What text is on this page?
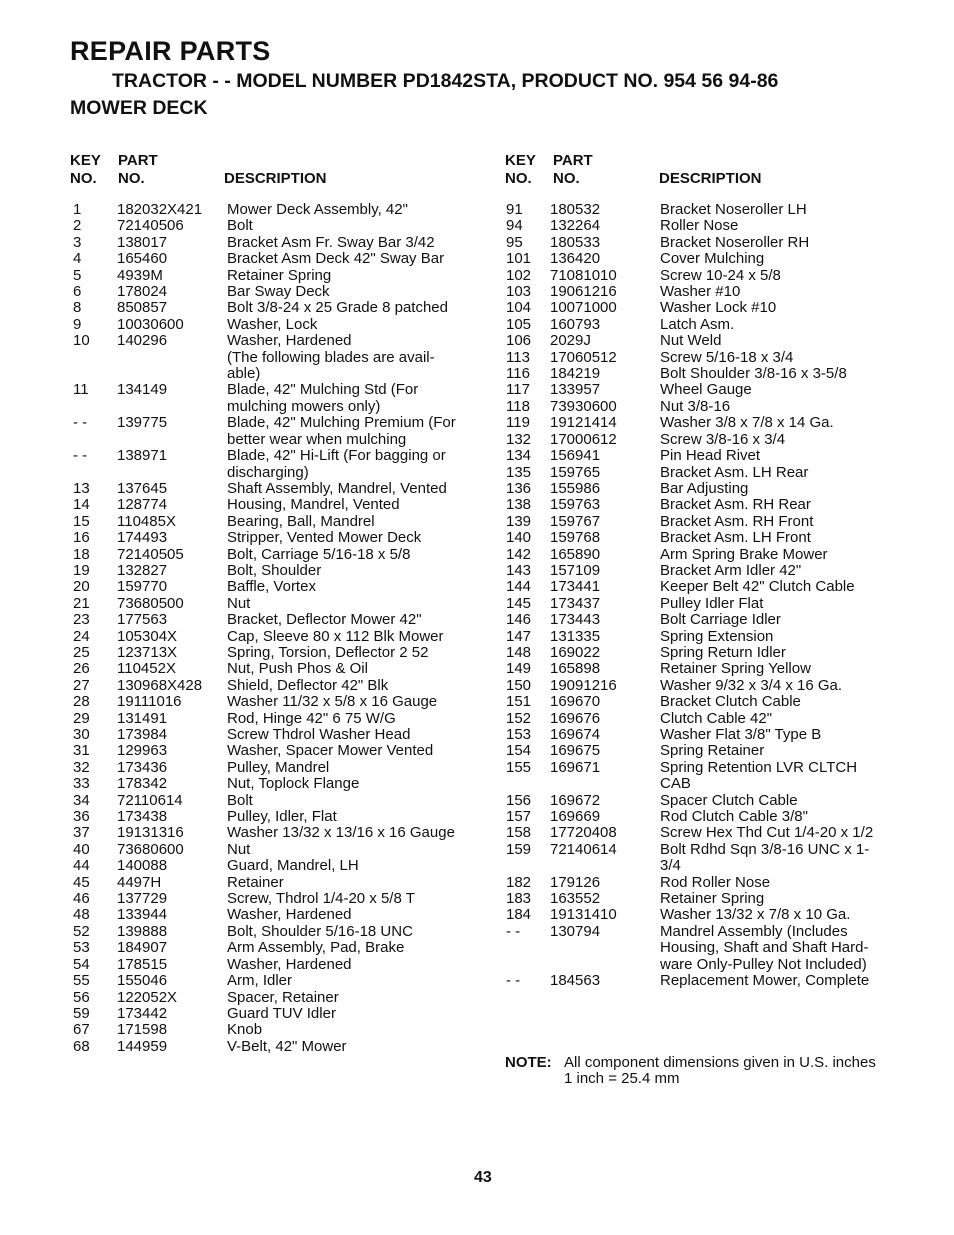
REPAIR PARTS
TRACTOR - - MODEL NUMBER PD1842STA, PRODUCT NO. 954 56 94-86
MOWER DECK
KEY
NO.
PART
NO.	DESCRIPTION
1	182032X421 Mower Deck Assembly, 42"
2	72140506	Bolt
3	138017	Bracket Asm Fr. Sway Bar 3/42
4	165460	Bracket Asm Deck 42" Sway Bar
5	4939M	Retainer Spring
6	178024	Bar Sway Deck
8	850857	Bolt 3/8-24 x 25 Grade 8 patched
9	10030600	Washer, Lock
10	140296	Washer, Hardened
(The following blades are avail-able)
11	134149	Blade, 42" Mulching Std (For mulching mowers only)
- -	139775	Blade, 42" Mulching Premium (For better wear when mulching
- -	138971	Blade, 42" Hi-Lift (For bagging or discharging)
13	137645	Shaft Assembly, Mandrel, Vented
14	128774	Housing, Mandrel, Vented
15	110485X	Bearing, Ball, Mandrel
16	174493	Stripper, Vented Mower Deck
18	72140505	Bolt, Carriage 5/16-18 x 5/8
19	132827	Bolt, Shoulder
20	159770	Baffle, Vortex
21	73680500	Nut
23	177563	Bracket, Deflector Mower 42"
24	105304X	Cap, Sleeve 80 x 112 Blk Mower
25	123713X	Spring, Torsion, Deflector 2 52
26	110452X	Nut, Push Phos & Oil
27	130968X428 Shield, Deflector 42" Blk
28	19111016	Washer 11/32 x 5/8 x 16 Gauge
29	131491	Rod, Hinge 42" 6 75 W/G
30	173984	Screw Thdrol Washer Head
31	129963	Washer, Spacer Mower Vented
32	173436	Pulley, Mandrel
33	178342	Nut, Toplock Flange
34	72110614	Bolt
36	173438	Pulley, Idler, Flat
37	19131316	Washer 13/32 x 13/16 x 16 Gauge
40	73680600	Nut
44	140088	Guard, Mandrel, LH
45	4497H	Retainer
46	137729	Screw, Thdrol 1/4-20 x 5/8 T
48	133944	Washer, Hardened
52	139888	Bolt, Shoulder 5/16-18 UNC
53	184907	Arm Assembly, Pad, Brake
54	178515	Washer, Hardened
55	155046	Arm, Idler
56	122052X	Spacer, Retainer
59	173442	Guard TUV Idler
67	171598	Knob
68	144959	V-Belt, 42" Mower
KEY
NO.
PART
NO.	DESCRIPTION
91	180532	Bracket Noseroller LH
94	132264	Roller Nose
95	180533	Bracket Noseroller RH
101	136420	Cover Mulching
102	71081010	Screw 10-24 x 5/8
103	19061216	Washer #10
104	10071000	Washer Lock #10
105	160793	Latch Asm.
106	2029J	Nut Weld
113	17060512	Screw 5/16-18 x 3/4
116	184219	Bolt Shoulder 3/8-16 x 3-5/8
117	133957	Wheel Gauge
118	73930600	Nut 3/8-16
119	19121414	Washer 3/8 x 7/8 x 14 Ga.
132	17000612	Screw 3/8-16 x 3/4
134	156941	Pin Head Rivet
135	159765	Bracket Asm. LH Rear
136	155986	Bar Adjusting
138	159763	Bracket Asm. RH Rear
139	159767	Bracket Asm. RH Front
140	159768	Bracket Asm. LH Front
142	165890	Arm Spring Brake Mower
143	157109	Bracket Arm Idler 42"
144	173441	Keeper Belt 42" Clutch Cable
145	173437	Pulley Idler Flat
146	173443	Bolt Carriage Idler
147	131335	Spring Extension
148	169022	Spring Return Idler
149	165898	Retainer Spring Yellow
150	19091216	Washer 9/32 x 3/4 x 16 Ga.
151	169670	Bracket Clutch Cable
152	169676	Clutch Cable 42"
153	169674	Washer Flat 3/8" Type B
154	169675	Spring Retainer
155	169671	Spring Retention LVR CLTCH CAB
156	169672	Spacer Clutch Cable
157	169669	Rod Clutch Cable 3/8"
158	17720408	Screw Hex Thd Cut 1/4-20 x 1/2
159	72140614	Bolt Rdhd Sqn 3/8-16 UNC x 1-3/4
182	179126	Rod Roller Nose
183	163552	Retainer Spring
184	19131410	Washer 13/32 x 7/8 x 10 Ga.
- -	130794	Mandrel Assembly (Includes Housing, Shaft and Shaft Hard-ware Only-Pulley Not Included)
- -	184563	Replacement Mower, Complete
NOTE: All component dimensions given in U.S. inches
1 inch = 25.4 mm
43
